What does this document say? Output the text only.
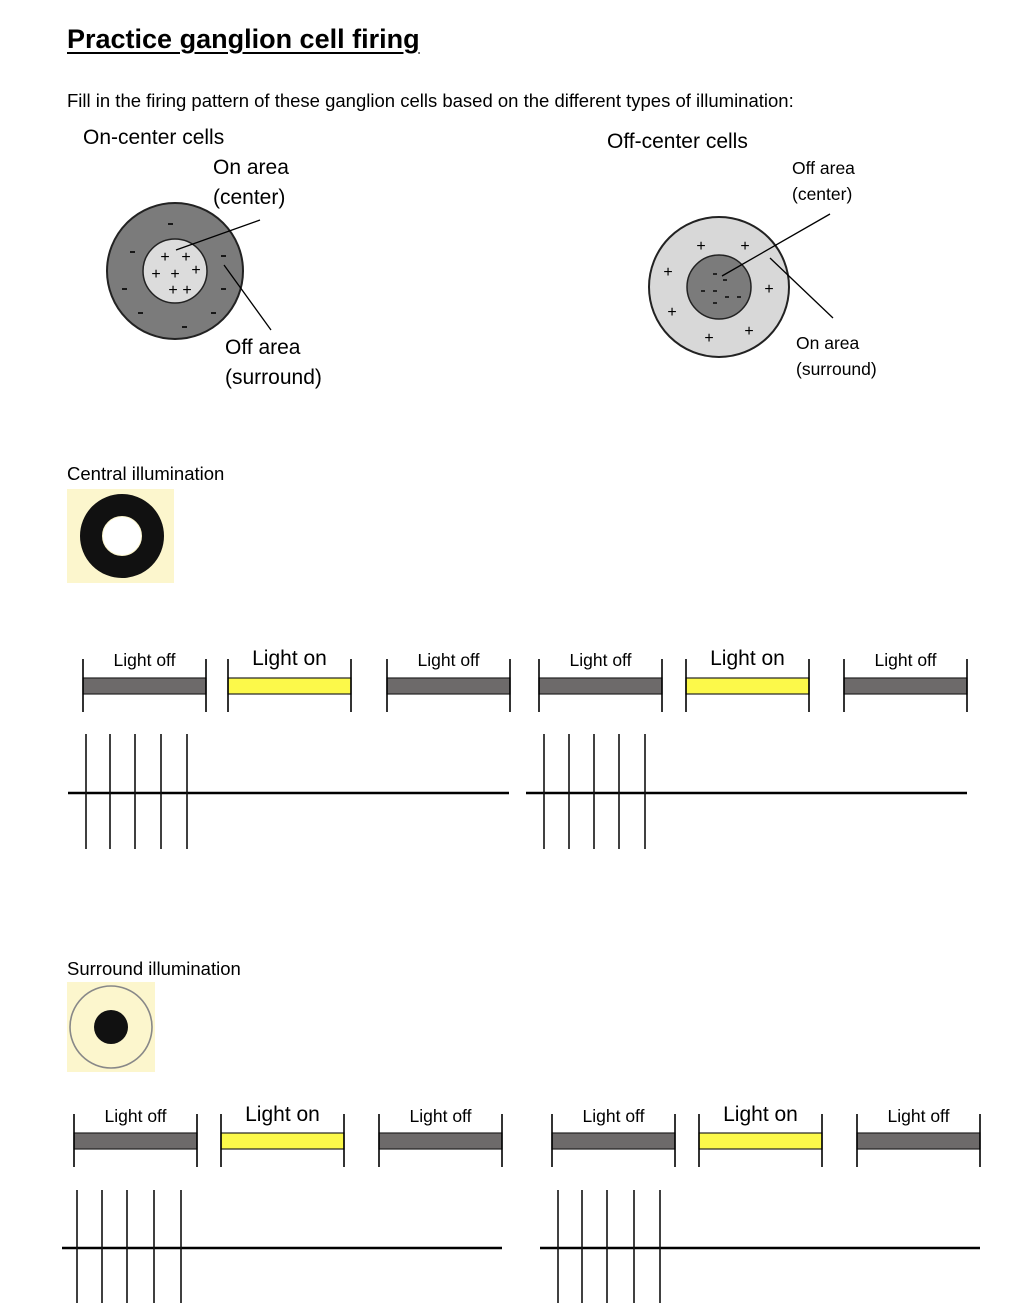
Practice ganglion cell firing
Fill in the firing pattern of these ganglion cells based on the different types of illumination:
On-center cells	Off-center cells
On area
(center)
Off area
(surround)
Off area
(center)
On area
(surround)
+ +
+ + +
+ +
+ +
+
+
+
+ +
Central illumination
Surround illumination
Light off	Light on	Light off	Light off	Light on	Light off
Light off	Light on	Light off	Light off	Light on	Light off
